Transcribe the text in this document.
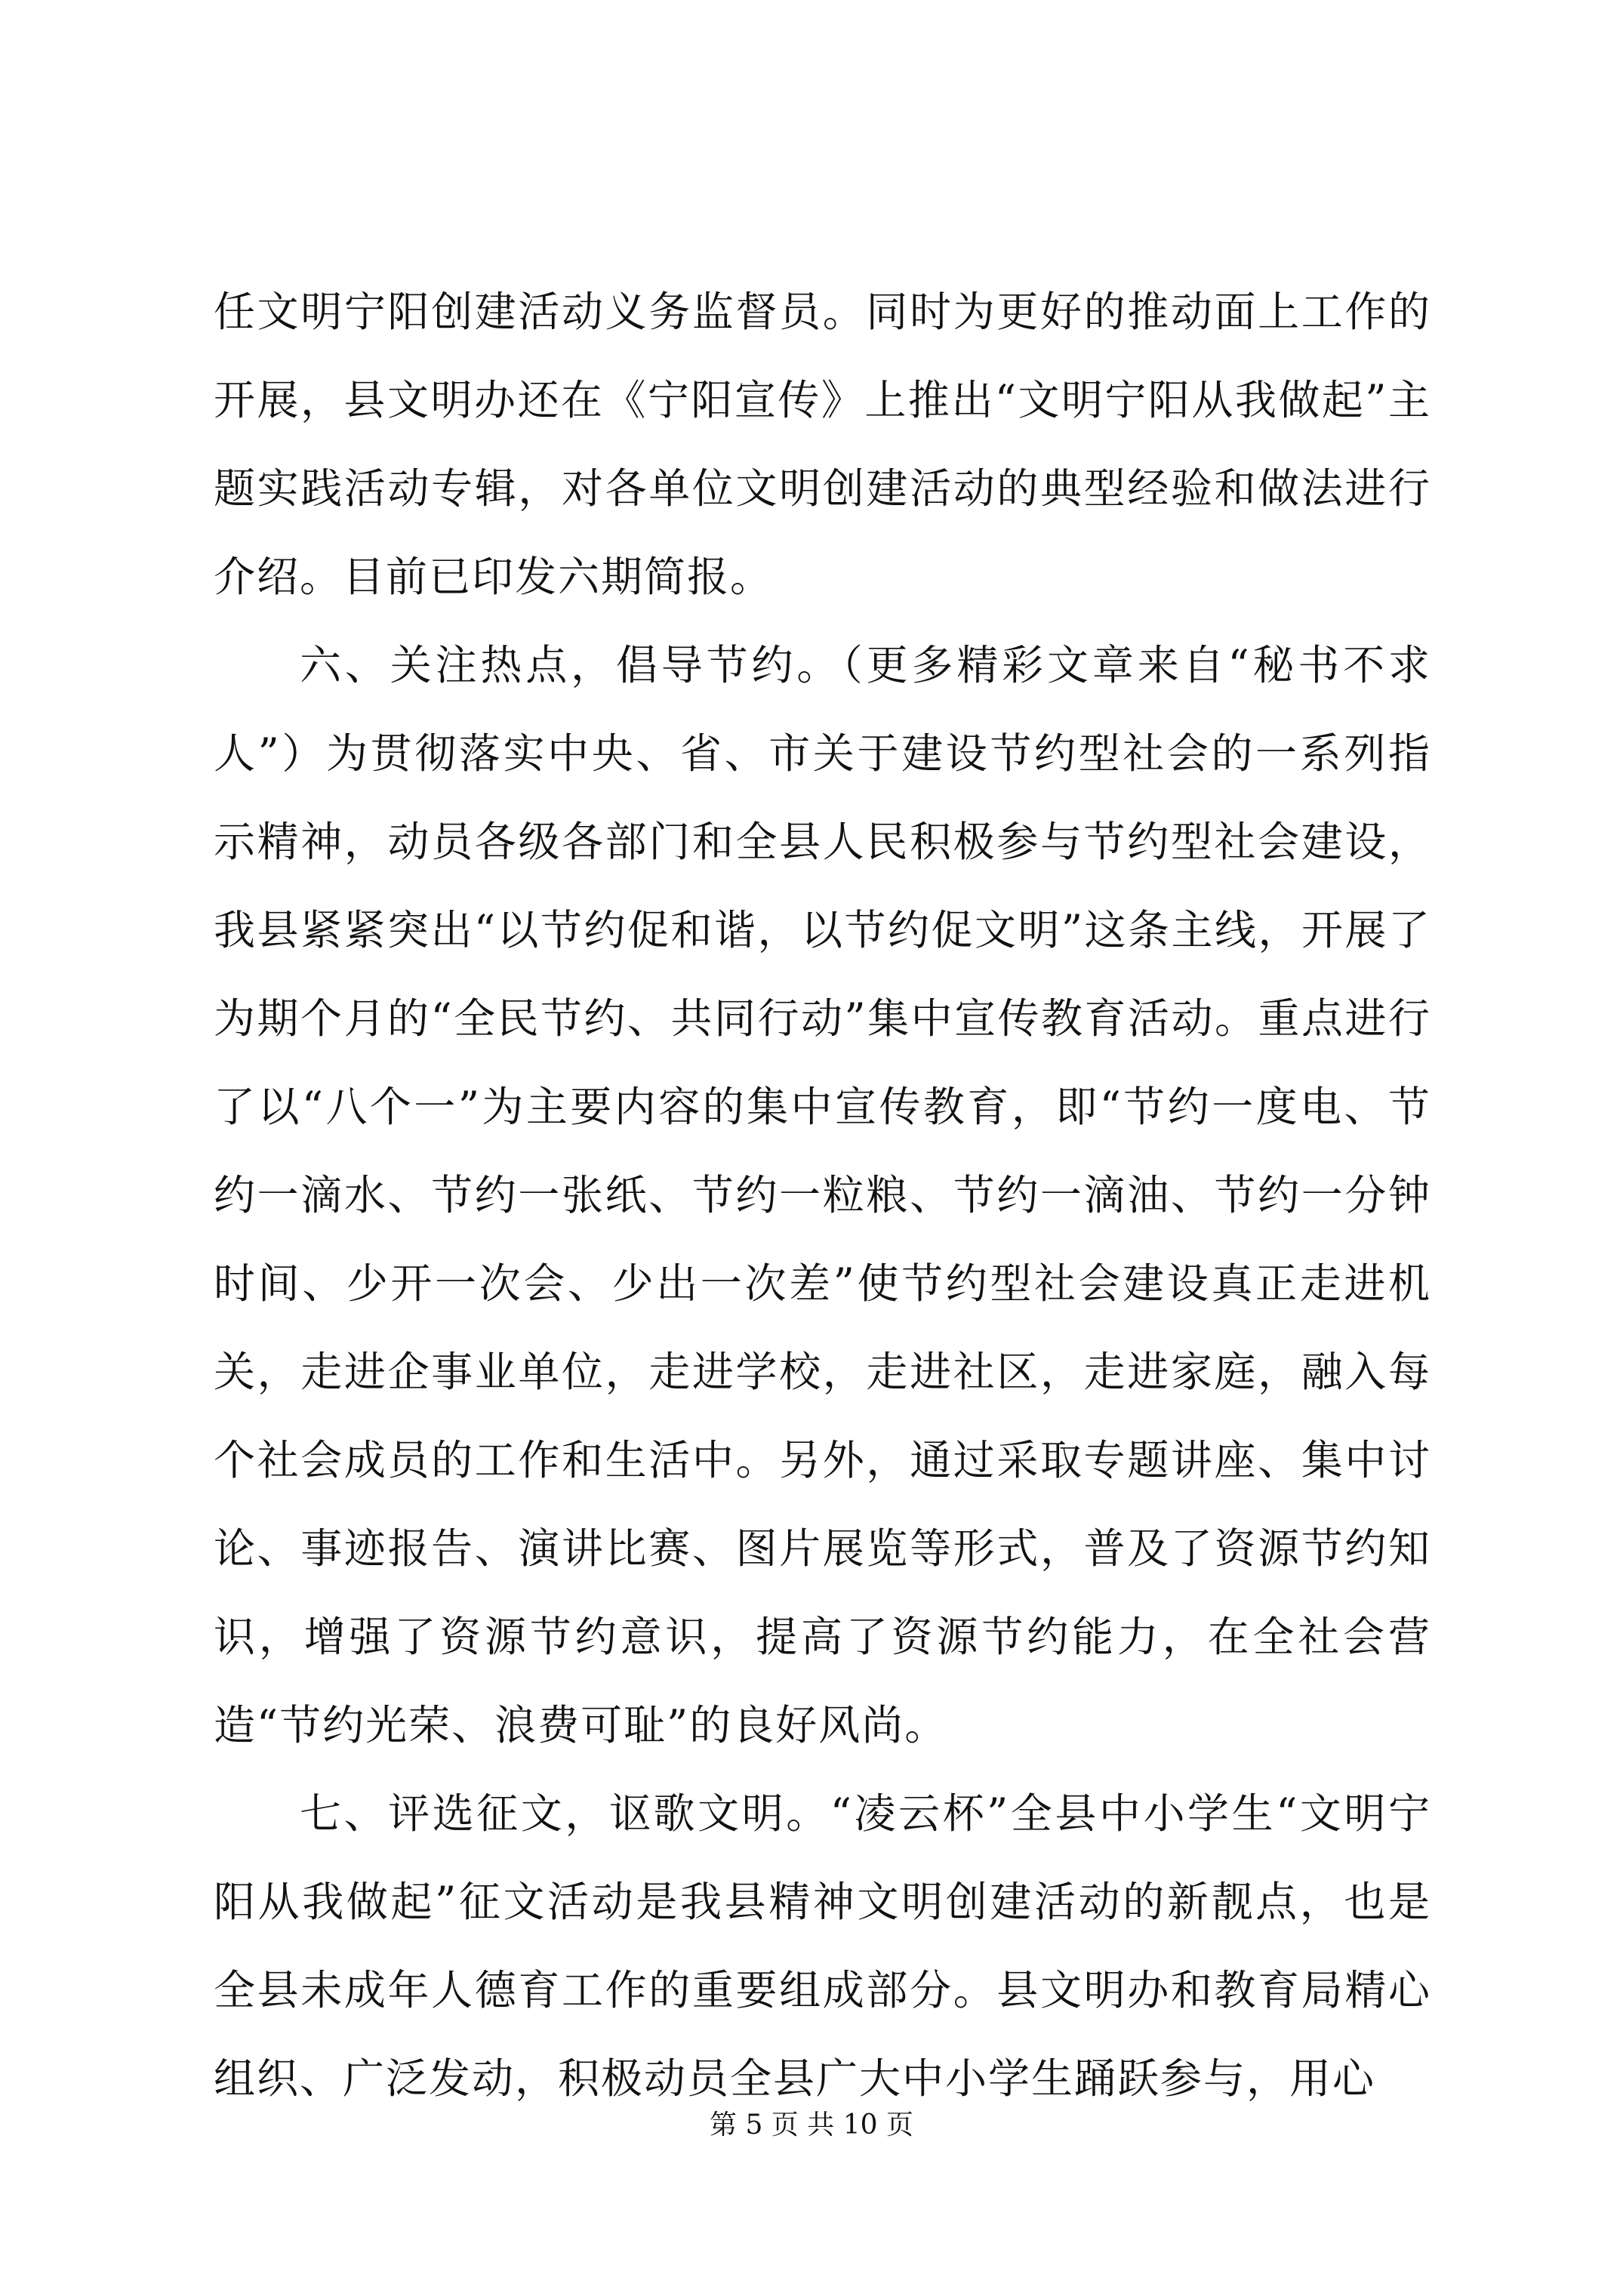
任文明宁阳创建活动义务监督员。同时为更好的推动面上工作的开展，县文明办还在《宁阳宣传》上推出“文明宁阳从我做起”主题实践活动专辑，对各单位文明创建活动的典型经验和做法进行介绍。目前已印发六期简报。

六、关注热点，倡导节约。（更多精彩文章来自“秘书不求人”）为贯彻落实中央、省、市关于建设节约型社会的一系列指示精神，动员各级各部门和全县人民积极参与节约型社会建设，我县紧紧突出“以节约促和谐，以节约促文明”这条主线，开展了为期个月的“全民节约、共同行动”集中宣传教育活动。重点进行了以“八个一”为主要内容的集中宣传教育，即“节约一度电、节约一滴水、节约一张纸、节约一粒粮、节约一滴油、节约一分钟时间、少开一次会、少出一次差”使节约型社会建设真正走进机关，走进企事业单位，走进学校，走进社区，走进家庭，融入每个社会成员的工作和生活中。另外，通过采取专题讲座、集中讨论、事迹报告、演讲比赛、图片展览等形式，普及了资源节约知识，增强了资源节约意识，提高了资源节约能力，在全社会营造“节约光荣、浪费可耻”的良好风尚。

七、评选征文，讴歌文明。“凌云杯”全县中小学生“文明宁阳从我做起”征文活动是我县精神文明创建活动的新靓点，也是全县未成年人德育工作的重要组成部分。县文明办和教育局精心组织、广泛发动，积极动员全县广大中小学生踊跃参与，用心

第 5 页 共 10 页
